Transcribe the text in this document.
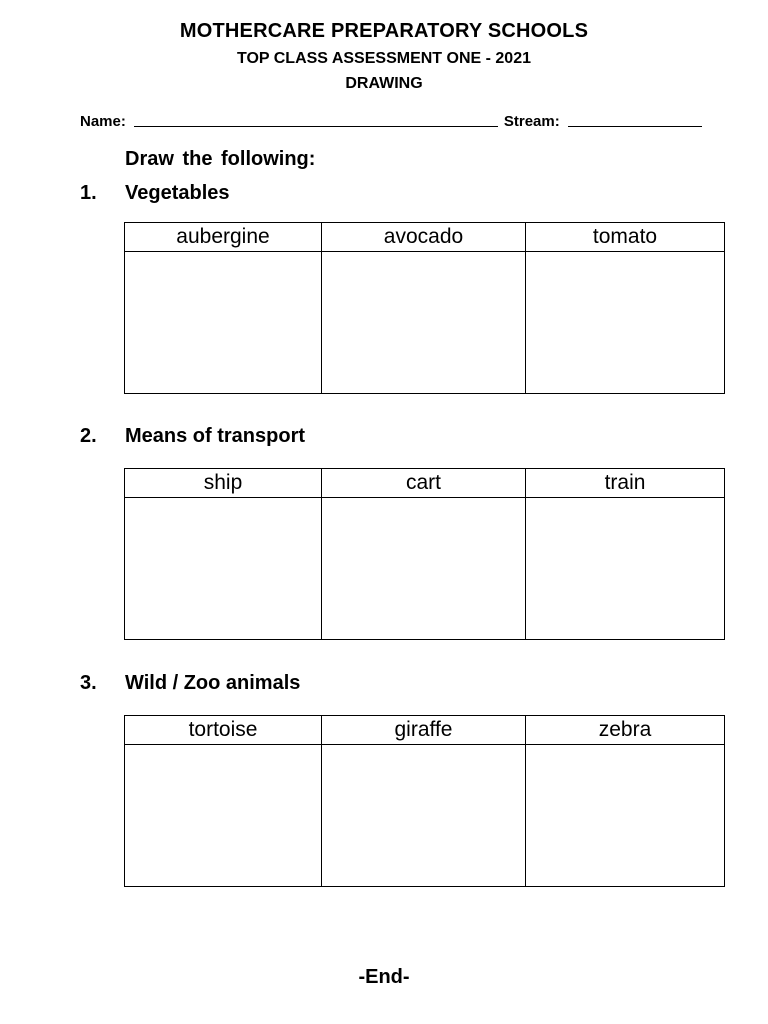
MOTHERCARE PREPARATORY SCHOOLS
TOP CLASS ASSESSMENT ONE - 2021
DRAWING
Name:	Stream:
Draw the following:
1.	Vegetables
aubergine	avocado	tomato

2.	Means of transport
ship	cart	train

3.	Wild / Zoo animals
tortoise	giraffe	zebra

-End-
